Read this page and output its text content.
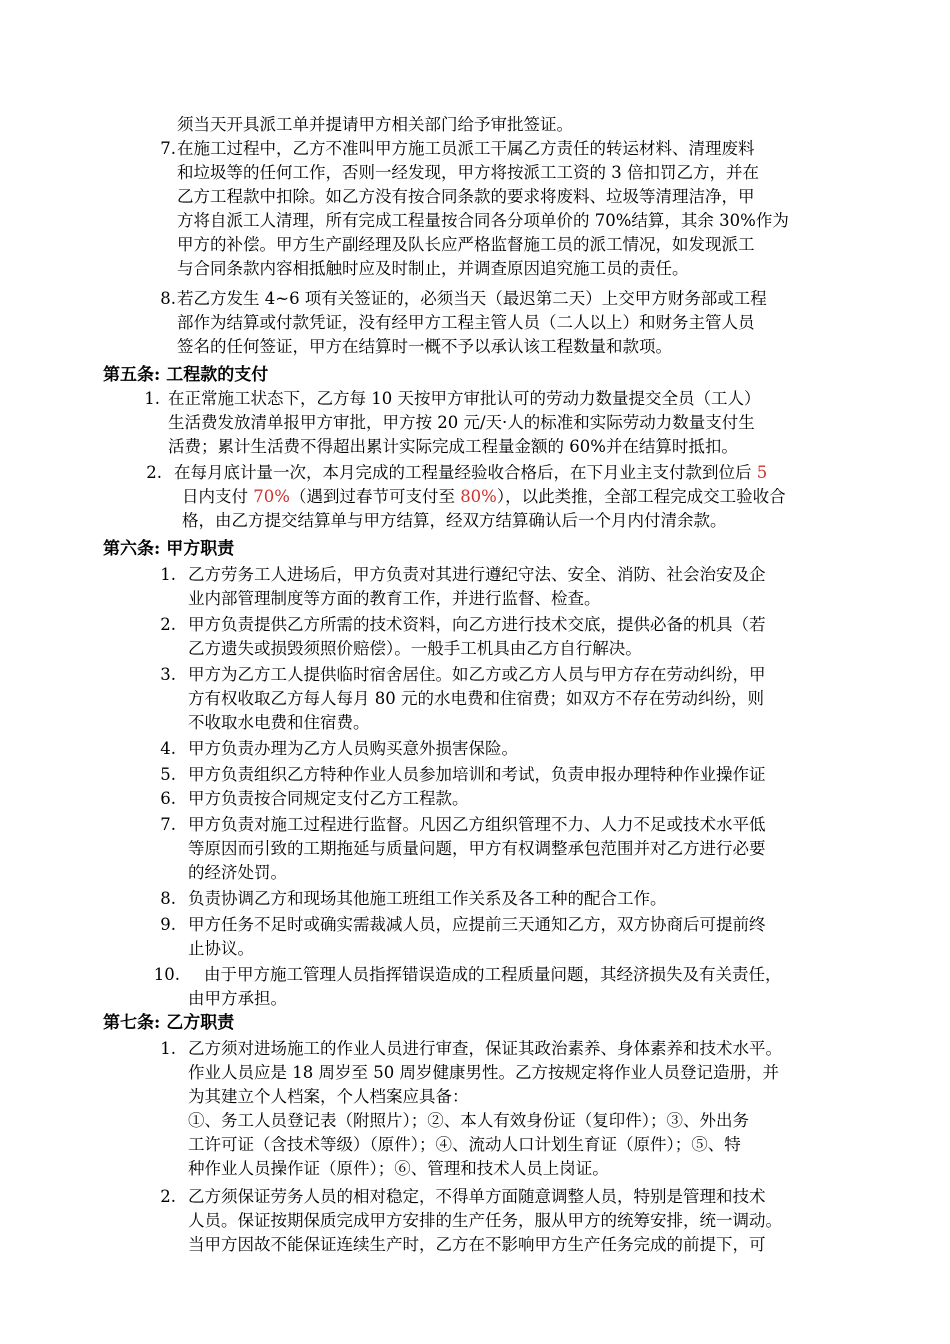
须当天开具派工单并提请甲方相关部门给予审批签证。
7. 在施工过程中，乙方不准叫甲方施工员派工干属乙方责任的转运材料、清理废料
和垃圾等的任何工作，否则一经发现，甲方将按派工工资的 3 倍扣罚乙方，并在
乙方工程款中扣除。如乙方没有按合同条款的要求将废料、垃圾等清理洁净，甲
方将自派工人清理，所有完成工程量按合同各分项单价的 70%结算，其余 30%作为
甲方的补偿。甲方生产副经理及队长应严格监督施工员的派工情况，如发现派工
与合同条款内容相抵触时应及时制止，并调查原因追究施工员的责任。
8. 若乙方发生 4~6 项有关签证的，必须当天（最迟第二天）上交甲方财务部或工程
部作为结算或付款凭证，没有经甲方工程主管人员（二人以上）和财务主管人员
签名的任何签证，甲方在结算时一概不予以承认该工程数量和款项。
第五条: 工程款的支付
1. 在正常施工状态下，乙方每 10 天按甲方审批认可的劳动力数量提交全员（工人）
生活费发放清单报甲方审批，甲方按 20 元/天·人的标准和实际劳动力数量支付生
活费；累计生活费不得超出累计实际完成工程量金额的 60%并在结算时抵扣。
2. 在每月底计量一次，本月完成的工程量经验收合格后，在下月业主支付款到位后 5
日内支付 70%（遇到过春节可支付至 80%），以此类推，全部工程完成交工验收合
格，由乙方提交结算单与甲方结算，经双方结算确认后一个月内付清余款。
第六条: 甲方职责
1. 乙方劳务工人进场后，甲方负责对其进行遵纪守法、安全、消防、社会治安及企
业内部管理制度等方面的教育工作，并进行监督、检查。
2. 甲方负责提供乙方所需的技术资料，向乙方进行技术交底，提供必备的机具（若
乙方遗失或损毁须照价赔偿）。一般手工机具由乙方自行解决。
3. 甲方为乙方工人提供临时宿舍居住。如乙方或乙方人员与甲方存在劳动纠纷，甲
方有权收取乙方每人每月 80 元的水电费和住宿费；如双方不存在劳动纠纷，则
不收取水电费和住宿费。
4. 甲方负责办理为乙方人员购买意外损害保险。
5. 甲方负责组织乙方特种作业人员参加培训和考试，负责申报办理特种作业操作证
6. 甲方负责按合同规定支付乙方工程款。
7. 甲方负责对施工过程进行监督。凡因乙方组织管理不力、人力不足或技术水平低
等原因而引致的工期拖延与质量问题，甲方有权调整承包范围并对乙方进行必要
的经济处罚。
8. 负责协调乙方和现场其他施工班组工作关系及各工种的配合工作。
9. 甲方任务不足时或确实需裁减人员，应提前三天通知乙方，双方协商后可提前终
止协议。
10. 由于甲方施工管理人员指挥错误造成的工程质量问题，其经济损失及有关责任，
由甲方承担。
第七条: 乙方职责
1. 乙方须对进场施工的作业人员进行审查，保证其政治素养、身体素养和技术水平。
作业人员应是 18 周岁至 50 周岁健康男性。乙方按规定将作业人员登记造册，并
为其建立个人档案，个人档案应具备：
①、务工人员登记表（附照片）；②、本人有效身份证（复印件）；③、外出务
工许可证（含技术等级）（原件）；④、流动人口计划生育证（原件）；⑤、特
种作业人员操作证（原件）；⑥、管理和技术人员上岗证。
2. 乙方须保证劳务人员的相对稳定，不得单方面随意调整人员，特别是管理和技术
人员。保证按期保质完成甲方安排的生产任务，服从甲方的统筹安排，统一调动。
当甲方因故不能保证连续生产时，乙方在不影响甲方生产任务完成的前提下，可
